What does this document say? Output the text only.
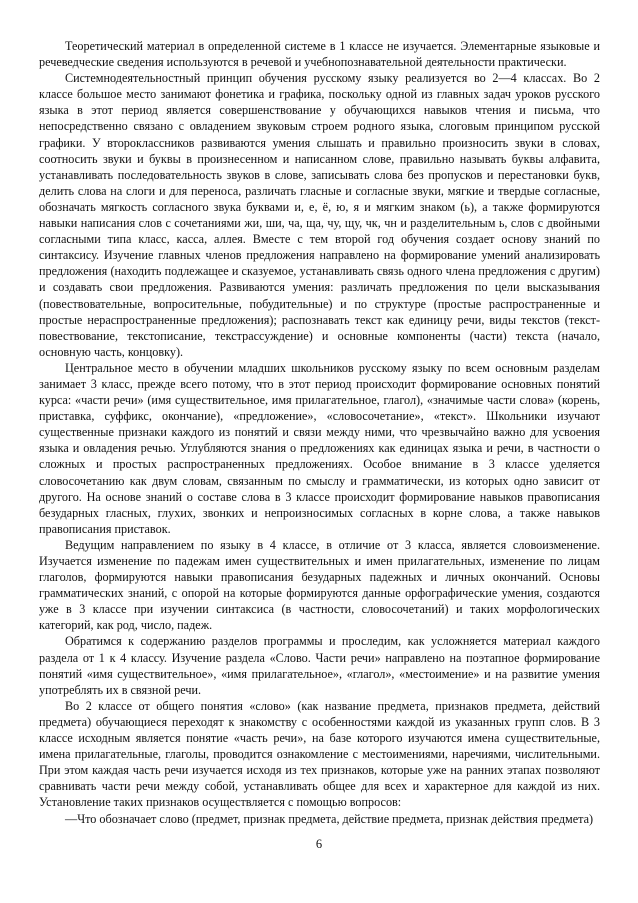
Теоретический материал в определенной системе в 1 классе не изучается. Элементарные языковые и речеведческие сведения используются в речевой и учебнопознавательной деятельности практически.

Системнодеятельностный принцип обучения русскому языку реализуется во 2—4 классах. Во 2 классе большое место занимают фонетика и графика, поскольку одной из главных задач уроков русского языка в этот период является совершенствование у обучающихся навыков чтения и письма, что непосредственно связано с овладением звуковым строем родного языка, слоговым принципом русской графики. У второклассников развиваются умения слышать и правильно произносить звуки в словах, соотносить звуки и буквы в произнесенном и написанном слове, правильно называть буквы алфавита, устанавливать последовательность звуков в слове, записывать слова без пропусков и перестановки букв, делить слова на слоги и для переноса, различать гласные и согласные звуки, мягкие и твердые согласные, обозначать мягкость согласного звука буквами и, е, ё, ю, я и мягким знаком (ь), а также формируются навыки написания слов с сочетаниями жи, ши, ча, ща, чу, щу, чк, чн и разделительным ь, слов с двойными согласными типа класс, касса, аллея. Вместе с тем второй год обучения создает основу знаний по синтаксису. Изучение главных членов предложения направлено на формирование умений анализировать предложения (находить подлежащее и сказуемое, устанавливать связь одного члена предложения с другим) и создавать свои предложения. Развиваются умения: различать предложения по цели высказывания (повествовательные, вопросительные, побудительные) и по структуре (простые распространенные и простые нераспространенные предложения); распознавать текст как единицу речи, виды текстов (текст-повествование, текстописание, текстрассуждение) и основные компоненты (части) текста (начало, основную часть, концовку).

Центральное место в обучении младших школьников русскому языку по всем основным разделам занимает 3 класс, прежде всего потому, что в этот период происходит формирование основных понятий курса: «части речи» (имя существительное, имя прилагательное, глагол), «значимые части слова» (корень, приставка, суффикс, окончание), «предложение», «словосочетание», «текст». Школьники изучают существенные признаки каждого из понятий и связи между ними, что чрезвычайно важно для усвоения языка и овладения речью. Углубляются знания о предложениях как единицах языка и речи, в частности о сложных и простых распространенных предложениях. Особое внимание в 3 классе уделяется словосочетанию как двум словам, связанным по смыслу и грамматически, из которых одно зависит от другого. На основе знаний о составе слова в 3 классе происходит формирование навыков правописания безударных гласных, глухих, звонких и непроизносимых согласных в корне слова, а также навыков правописания приставок.

Ведущим направлением по языку в 4 классе, в отличие от 3 класса, является словоизменение. Изучается изменение по падежам имен существительных и имен прилагательных, изменение по лицам глаголов, формируются навыки правописания безударных падежных и личных окончаний. Основы грамматических знаний, с опорой на которые формируются данные орфографические умения, создаются уже в 3 классе при изучении синтаксиса (в частности, словосочетаний) и таких морфологических категорий, как род, число, падеж.

Обратимся к содержанию разделов программы и проследим, как усложняется материал каждого раздела от 1 к 4 классу. Изучение раздела «Слово. Части речи» направлено на поэтапное формирование понятий «имя существительное», «имя прилагательное», «глагол», «местоимение» и на развитие умения употреблять их в связной речи.

Во 2 классе от общего понятия «слово» (как название предмета, признаков предмета, действий предмета) обучающиеся переходят к знакомству с особенностями каждой из указанных групп слов. В 3 классе исходным является понятие «часть речи», на базе которого изучаются имена существительные, имена прилагательные, глаголы, проводится ознакомление с местоимениями, наречиями, числительными. При этом каждая часть речи изучается исходя из тех признаков, которые уже на ранних этапах позволяют сравнивать части речи между собой, устанавливать общее для всех и характерное для каждой из них. Установление таких признаков осуществляется с помощью вопросов:

—Что обозначает слово (предмет, признак предмета, действие предмета, признак действия предмета)

6
